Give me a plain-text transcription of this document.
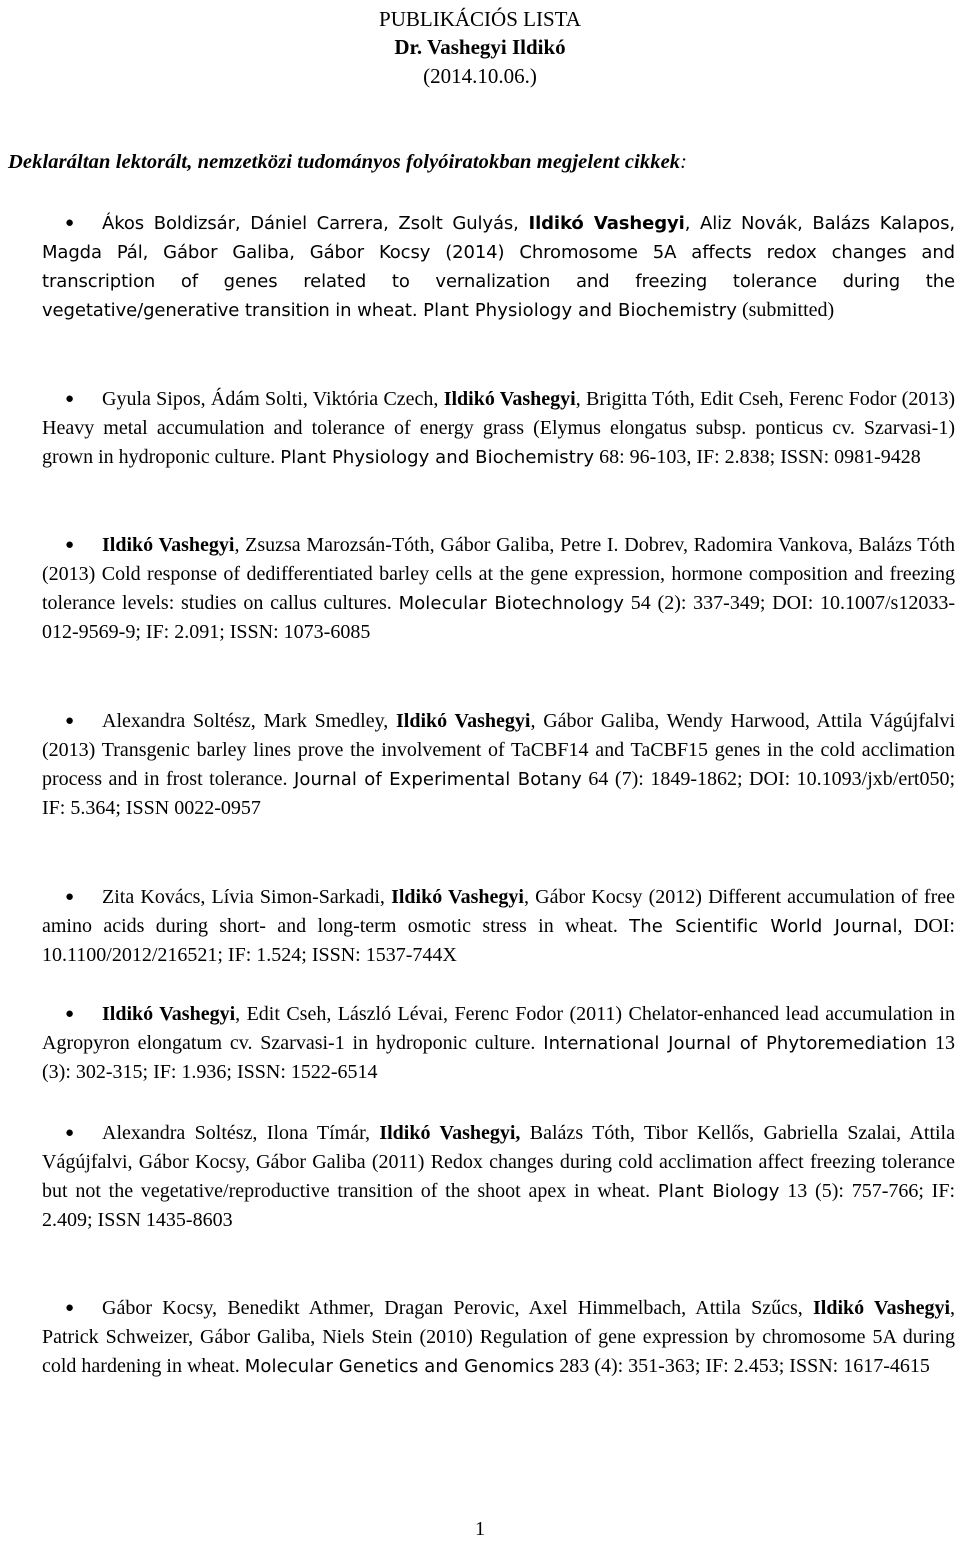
PUBLIKÁCIÓS LISTA
Dr. Vashegyi Ildikó
(2014.10.06.)
Deklaráltan lektorált, nemzetközi tudományos folyóiratokban megjelent cikkek:
● Ákos Boldizsár, Dániel Carrera, Zsolt Gulyás, Ildikó Vashegyi, Aliz Novák, Balázs Kalapos, Magda Pál, Gábor Galiba, Gábor Kocsy (2014) Chromosome 5A affects redox changes and transcription of genes related to vernalization and freezing tolerance during the vegetative/generative transition in wheat. Plant Physiology and Biochemistry (submitted)
● Gyula Sipos, Ádám Solti, Viktória Czech, Ildikó Vashegyi, Brigitta Tóth, Edit Cseh, Ferenc Fodor (2013) Heavy metal accumulation and tolerance of energy grass (Elymus elongatus subsp. ponticus cv. Szarvasi-1) grown in hydroponic culture. Plant Physiology and Biochemistry 68: 96-103, IF: 2.838; ISSN: 0981-9428
● Ildikó Vashegyi, Zsuzsa Marozsán-Tóth, Gábor Galiba, Petre I. Dobrev, Radomira Vankova, Balázs Tóth (2013) Cold response of dedifferentiated barley cells at the gene expression, hormone composition and freezing tolerance levels: studies on callus cultures. Molecular Biotechnology 54 (2): 337-349; DOI: 10.1007/s12033-012-9569-9; IF: 2.091; ISSN: 1073-6085
● Alexandra Soltész, Mark Smedley, Ildikó Vashegyi, Gábor Galiba, Wendy Harwood, Attila Vágújfalvi (2013) Transgenic barley lines prove the involvement of TaCBF14 and TaCBF15 genes in the cold acclimation process and in frost tolerance. Journal of Experimental Botany 64 (7): 1849-1862; DOI: 10.1093/jxb/ert050; IF: 5.364; ISSN 0022-0957
● Zita Kovács, Lívia Simon-Sarkadi, Ildikó Vashegyi, Gábor Kocsy (2012) Different accumulation of free amino acids during short- and long-term osmotic stress in wheat. The Scientific World Journal, DOI: 10.1100/2012/216521; IF: 1.524; ISSN: 1537-744X
● Ildikó Vashegyi, Edit Cseh, László Lévai, Ferenc Fodor (2011) Chelator-enhanced lead accumulation in Agropyron elongatum cv. Szarvasi-1 in hydroponic culture. International Journal of Phytoremediation 13 (3): 302-315; IF: 1.936; ISSN: 1522-6514
● Alexandra Soltész, Ilona Tímár, Ildikó Vashegyi, Balázs Tóth, Tibor Kellős, Gabriella Szalai, Attila Vágújfalvi, Gábor Kocsy, Gábor Galiba (2011) Redox changes during cold acclimation affect freezing tolerance but not the vegetative/reproductive transition of the shoot apex in wheat. Plant Biology 13 (5): 757-766; IF: 2.409; ISSN 1435-8603
● Gábor Kocsy, Benedikt Athmer, Dragan Perovic, Axel Himmelbach, Attila Szűcs, Ildikó Vashegyi, Patrick Schweizer, Gábor Galiba, Niels Stein (2010) Regulation of gene expression by chromosome 5A during cold hardening in wheat. Molecular Genetics and Genomics 283 (4): 351-363; IF: 2.453; ISSN: 1617-4615
1
